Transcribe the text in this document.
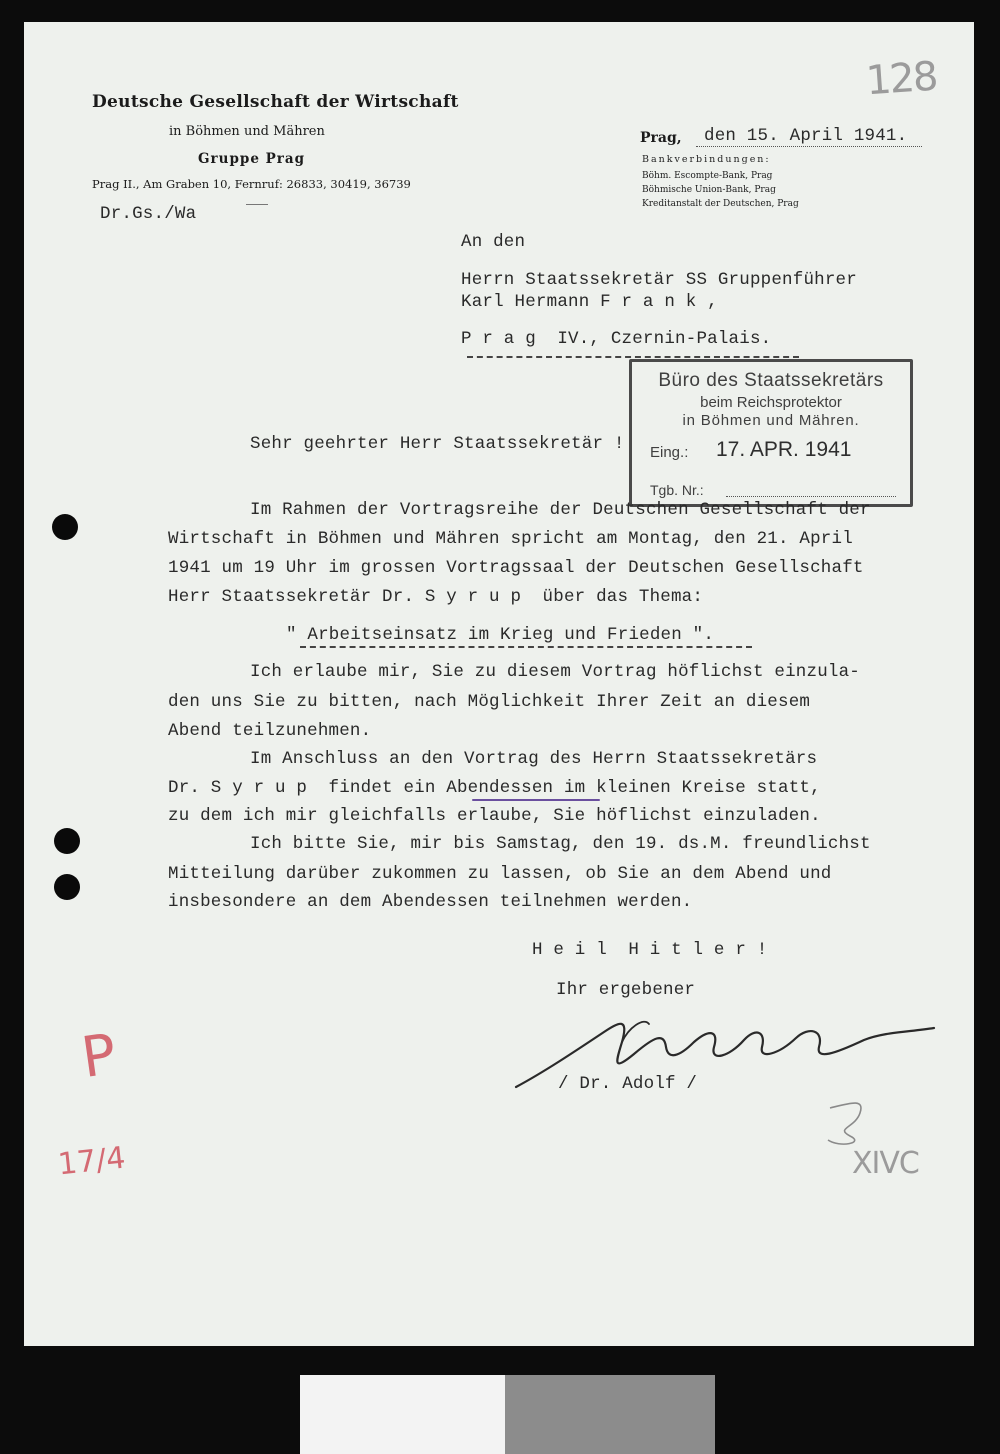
Deutsche Gesellschaft der Wirtschaft
in Böhmen und Mähren
Gruppe Prag
Prag II., Am Graben 10, Fernruf: 26833, 30419, 36739
Dr.Gs./Wa
128
Prag, den 15. April 1941.
Bankverbindungen:
Böhm. Escompte-Bank, Prag
Böhmische Union-Bank, Prag
Kreditanstalt der Deutschen, Prag
An den
Herrn Staatssekretär SS Gruppenführer
Karl Hermann F r a n k ,
P r a g  IV., Czernin-Palais.
Büro des Staatssekretärs
beim Reichsprotektor
in Böhmen und Mähren.
Eing.: 17. APR. 1941
Tgb. Nr.:
Sehr geehrter Herr Staatssekretär !
Im Rahmen der Vortragsreihe der Deutschen Gesellschaft der
Wirtschaft in Böhmen und Mähren spricht am Montag, den 21. April
1941 um 19 Uhr im grossen Vortragssaal der Deutschen Gesellschaft
Herr Staatssekretär Dr. S y r u p  über das Thema:
" Arbeitseinsatz im Krieg und Frieden ".
Ich erlaube mir, Sie zu diesem Vortrag höflichst einzula-
den uns Sie zu bitten, nach Möglichkeit Ihrer Zeit an diesem
Abend teilzunehmen.
Im Anschluss an den Vortrag des Herrn Staatssekretärs
Dr. S y r u p  findet ein Abendessen im kleinen Kreise statt,
zu dem ich mir gleichfalls erlaube, Sie höflichst einzuladen.
Ich bitte Sie, mir bis Samstag, den 19. ds.M. freundlichst
Mitteilung darüber zukommen zu lassen, ob Sie an dem Abend und
insbesondere an dem Abendessen teilnehmen werden.
H e i l  H i t l e r !
Ihr ergebener
/ Dr. Adolf /
XIVC
P
17/4
